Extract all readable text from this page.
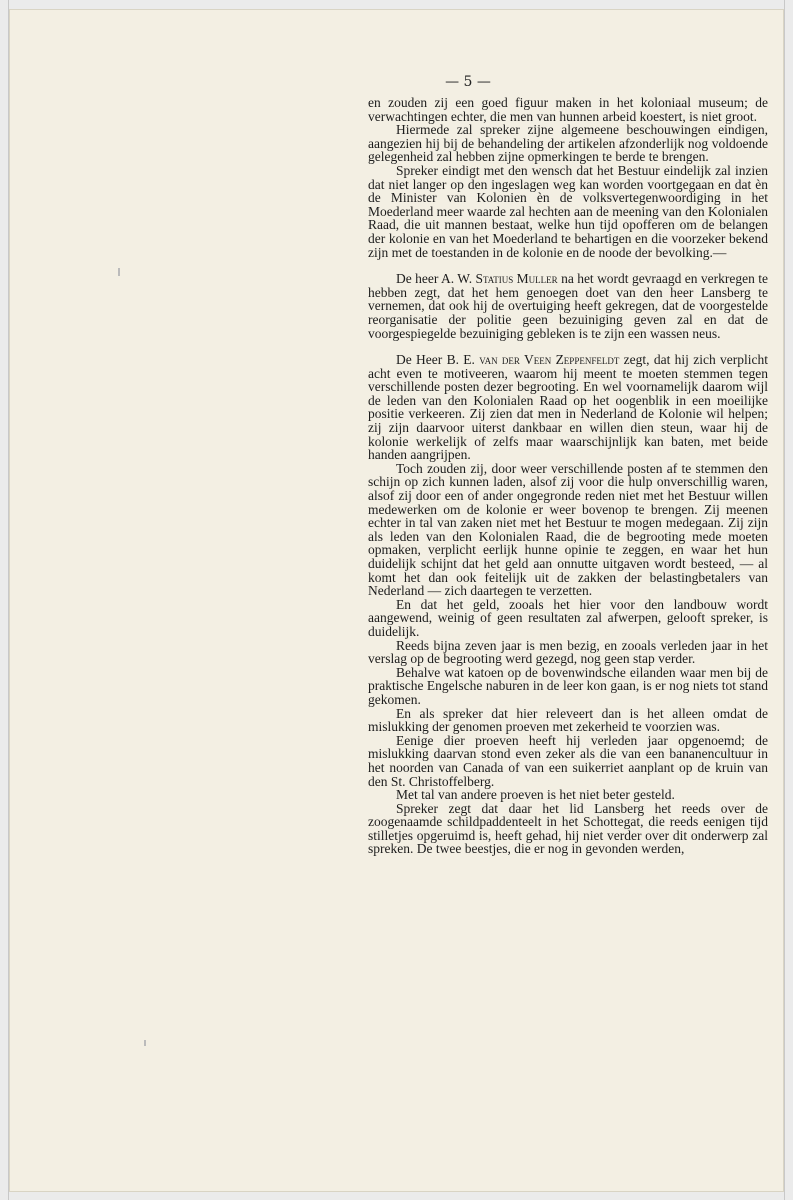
— 5 —

en zouden zij een goed figuur maken in het koloniaal museum; de verwachtingen echter, die men van hunnen arbeid koestert, is niet groot.

Hiermede zal spreker zijne algemeene beschouwingen eindigen, aangezien hij bij de behandeling der artikelen afzonderlijk nog voldoende gelegenheid zal hebben zijne opmerkingen te berde te brengen.

Spreker eindigt met den wensch dat het Bestuur eindelijk zal inzien dat niet langer op den ingeslagen weg kan worden voortgegaan en dat èn de Minister van Kolonien èn de volksvertegenwoordiging in het Moederland meer waarde zal hechten aan de meening van den Kolonialen Raad, die uit mannen bestaat, welke hun tijd opofferen om de belangen der kolonie en van het Moederland te behartigen en die voorzeker bekend zijn met de toestanden in de kolonie en de noode der bevolking.—

De heer A. W. Statius Muller na het wordt gevraagd en verkregen te hebben zegt, dat het hem genoegen doet van den heer Lansberg te vernemen, dat ook hij de overtuiging heeft gekregen, dat de voorgestelde reorganisatie der politie geen bezuiniging geven zal en dat de voorgespiegelde bezuiniging gebleken is te zijn een wassen neus.

De Heer B. E. van der Veen Zeppenfeldt zegt, dat hij zich verplicht acht even te motiveeren, waarom hij meent te moeten stemmen tegen verschillende posten dezer begrooting. En wel voornamelijk daarom wijl de leden van den Kolonialen Raad op het oogenblik in een moeilijke positie verkeeren. Zij zien dat men in Nederland de Kolonie wil helpen; zij zijn daarvoor uiterst dankbaar en willen dien steun, waar hij de kolonie werkelijk of zelfs maar waarschijnlijk kan baten, met beide handen aangrijpen.

Toch zouden zij, door weer verschillende posten af te stemmen den schijn op zich kunnen laden, alsof zij voor die hulp onverschillig waren, alsof zij door een of ander ongegronde reden niet met het Bestuur willen medewerken om de kolonie er weer bovenop te brengen. Zij meenen echter in tal van zaken niet met het Bestuur te mogen medegaan. Zij zijn als leden van den Kolonialen Raad, die de begrooting mede moeten opmaken, verplicht eerlijk hunne opinie te zeggen, en waar het hun duidelijk schijnt dat het geld aan onnutte uitgaven wordt besteed, — al komt het dan ook feitelijk uit de zakken der belastingbetalers van Nederland — zich daartegen te verzetten.

En dat het geld, zooals het hier voor den landbouw wordt aangewend, weinig of geen resultaten zal afwerpen, gelooft spreker, is duidelijk.

Reeds bijna zeven jaar is men bezig, en zooals verleden jaar in het verslag op de begrooting werd gezegd, nog geen stap verder.

Behalve wat katoen op de bovenwindsche eilanden waar men bij de praktische Engelsche naburen in de leer kon gaan, is er nog niets tot stand gekomen.

En als spreker dat hier releveert dan is het alleen omdat de mislukking der genomen proeven met zekerheid te voorzien was.

Eenige dier proeven heeft hij verleden jaar opgenoemd; de mislukking daarvan stond even zeker als die van een bananencultuur in het noorden van Canada of van een suikerriet aanplant op de kruin van den St. Christoffelberg.

Met tal van andere proeven is het niet beter gesteld.

Spreker zegt dat daar het lid Lansberg het reeds over de zoogenaamde schildpaddenteelt in het Schottegat, die reeds eenigen tijd stilletjes opgeruimd is, heeft gehad, hij niet verder over dit onderwerp zal spreken. De twee beestjes, die er nog in gevonden werden,
